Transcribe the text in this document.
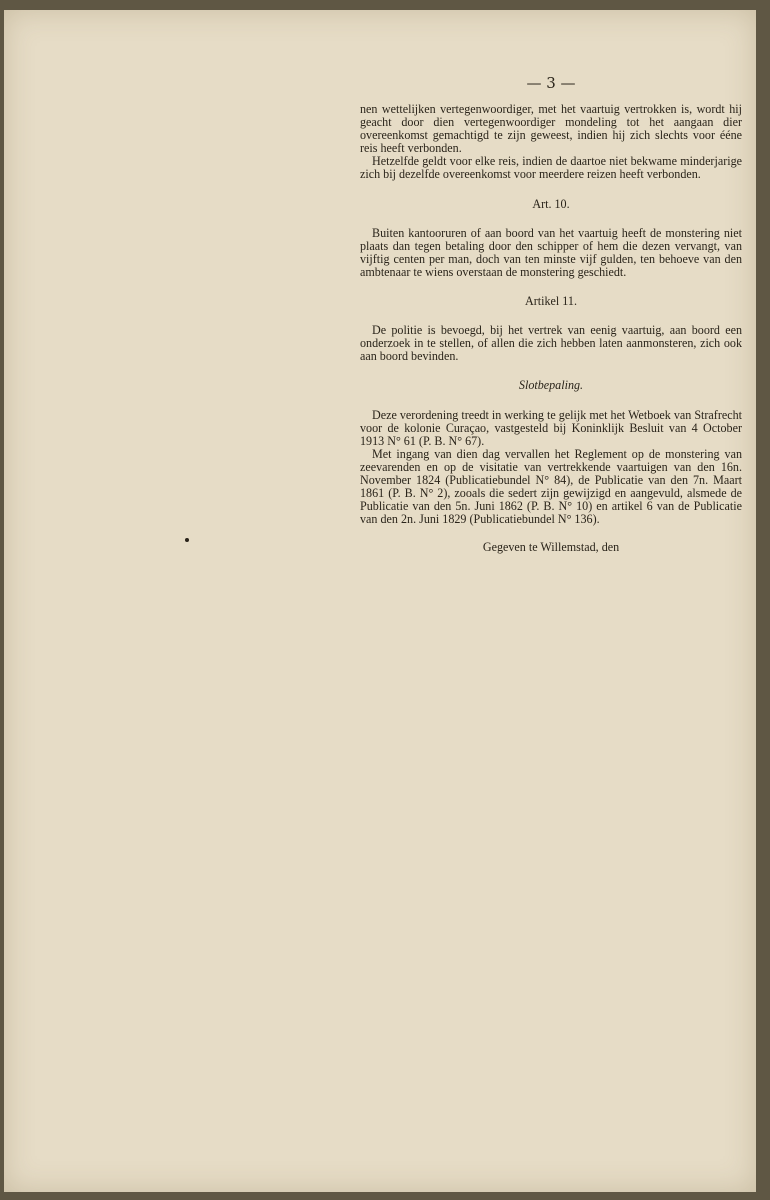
— 3 —

nen wettelijken vertegenwoordiger, met het vaartuig vertrokken is, wordt hij geacht door dien vertegenwoordiger mondeling tot het aangaan dier overeenkomst gemachtigd te zijn geweest, indien hij zich slechts voor ééne reis heeft verbonden.

Hetzelfde geldt voor elke reis, indien de daartoe niet bekwame minderjarige zich bij dezelfde overeenkomst voor meerdere reizen heeft verbonden.

Art. 10.

Buiten kantooruren of aan boord van het vaartuig heeft de monstering niet plaats dan tegen betaling door den schipper of hem die dezen vervangt, van vijftig centen per man, doch van ten minste vijf gulden, ten behoeve van den ambtenaar te wiens overstaan de monstering geschiedt.

Artikel 11.

De politie is bevoegd, bij het vertrek van eenig vaartuig, aan boord een onderzoek in te stellen, of allen die zich hebben laten aanmonsteren, zich ook aan boord bevinden.

Slotbepaling.

Deze verordening treedt in werking te gelijk met het Wetboek van Strafrecht voor de kolonie Curaçao, vastgesteld bij Koninklijk Besluit van 4 October 1913 N° 61 (P. B. N° 67).

Met ingang van dien dag vervallen het Reglement op de monstering van zeevarenden en op de visitatie van vertrekkende vaartuigen van den 16n. November 1824 (Publicatiebundel N° 84), de Publicatie van den 7n. Maart 1861 (P. B. N° 2), zooals die sedert zijn gewijzigd en aangevuld, alsmede de Publicatie van den 5n. Juni 1862 (P. B. N° 10) en artikel 6 van de Publicatie van den 2n. Juni 1829 (Publicatiebundel N° 136).

Gegeven te Willemstad, den
